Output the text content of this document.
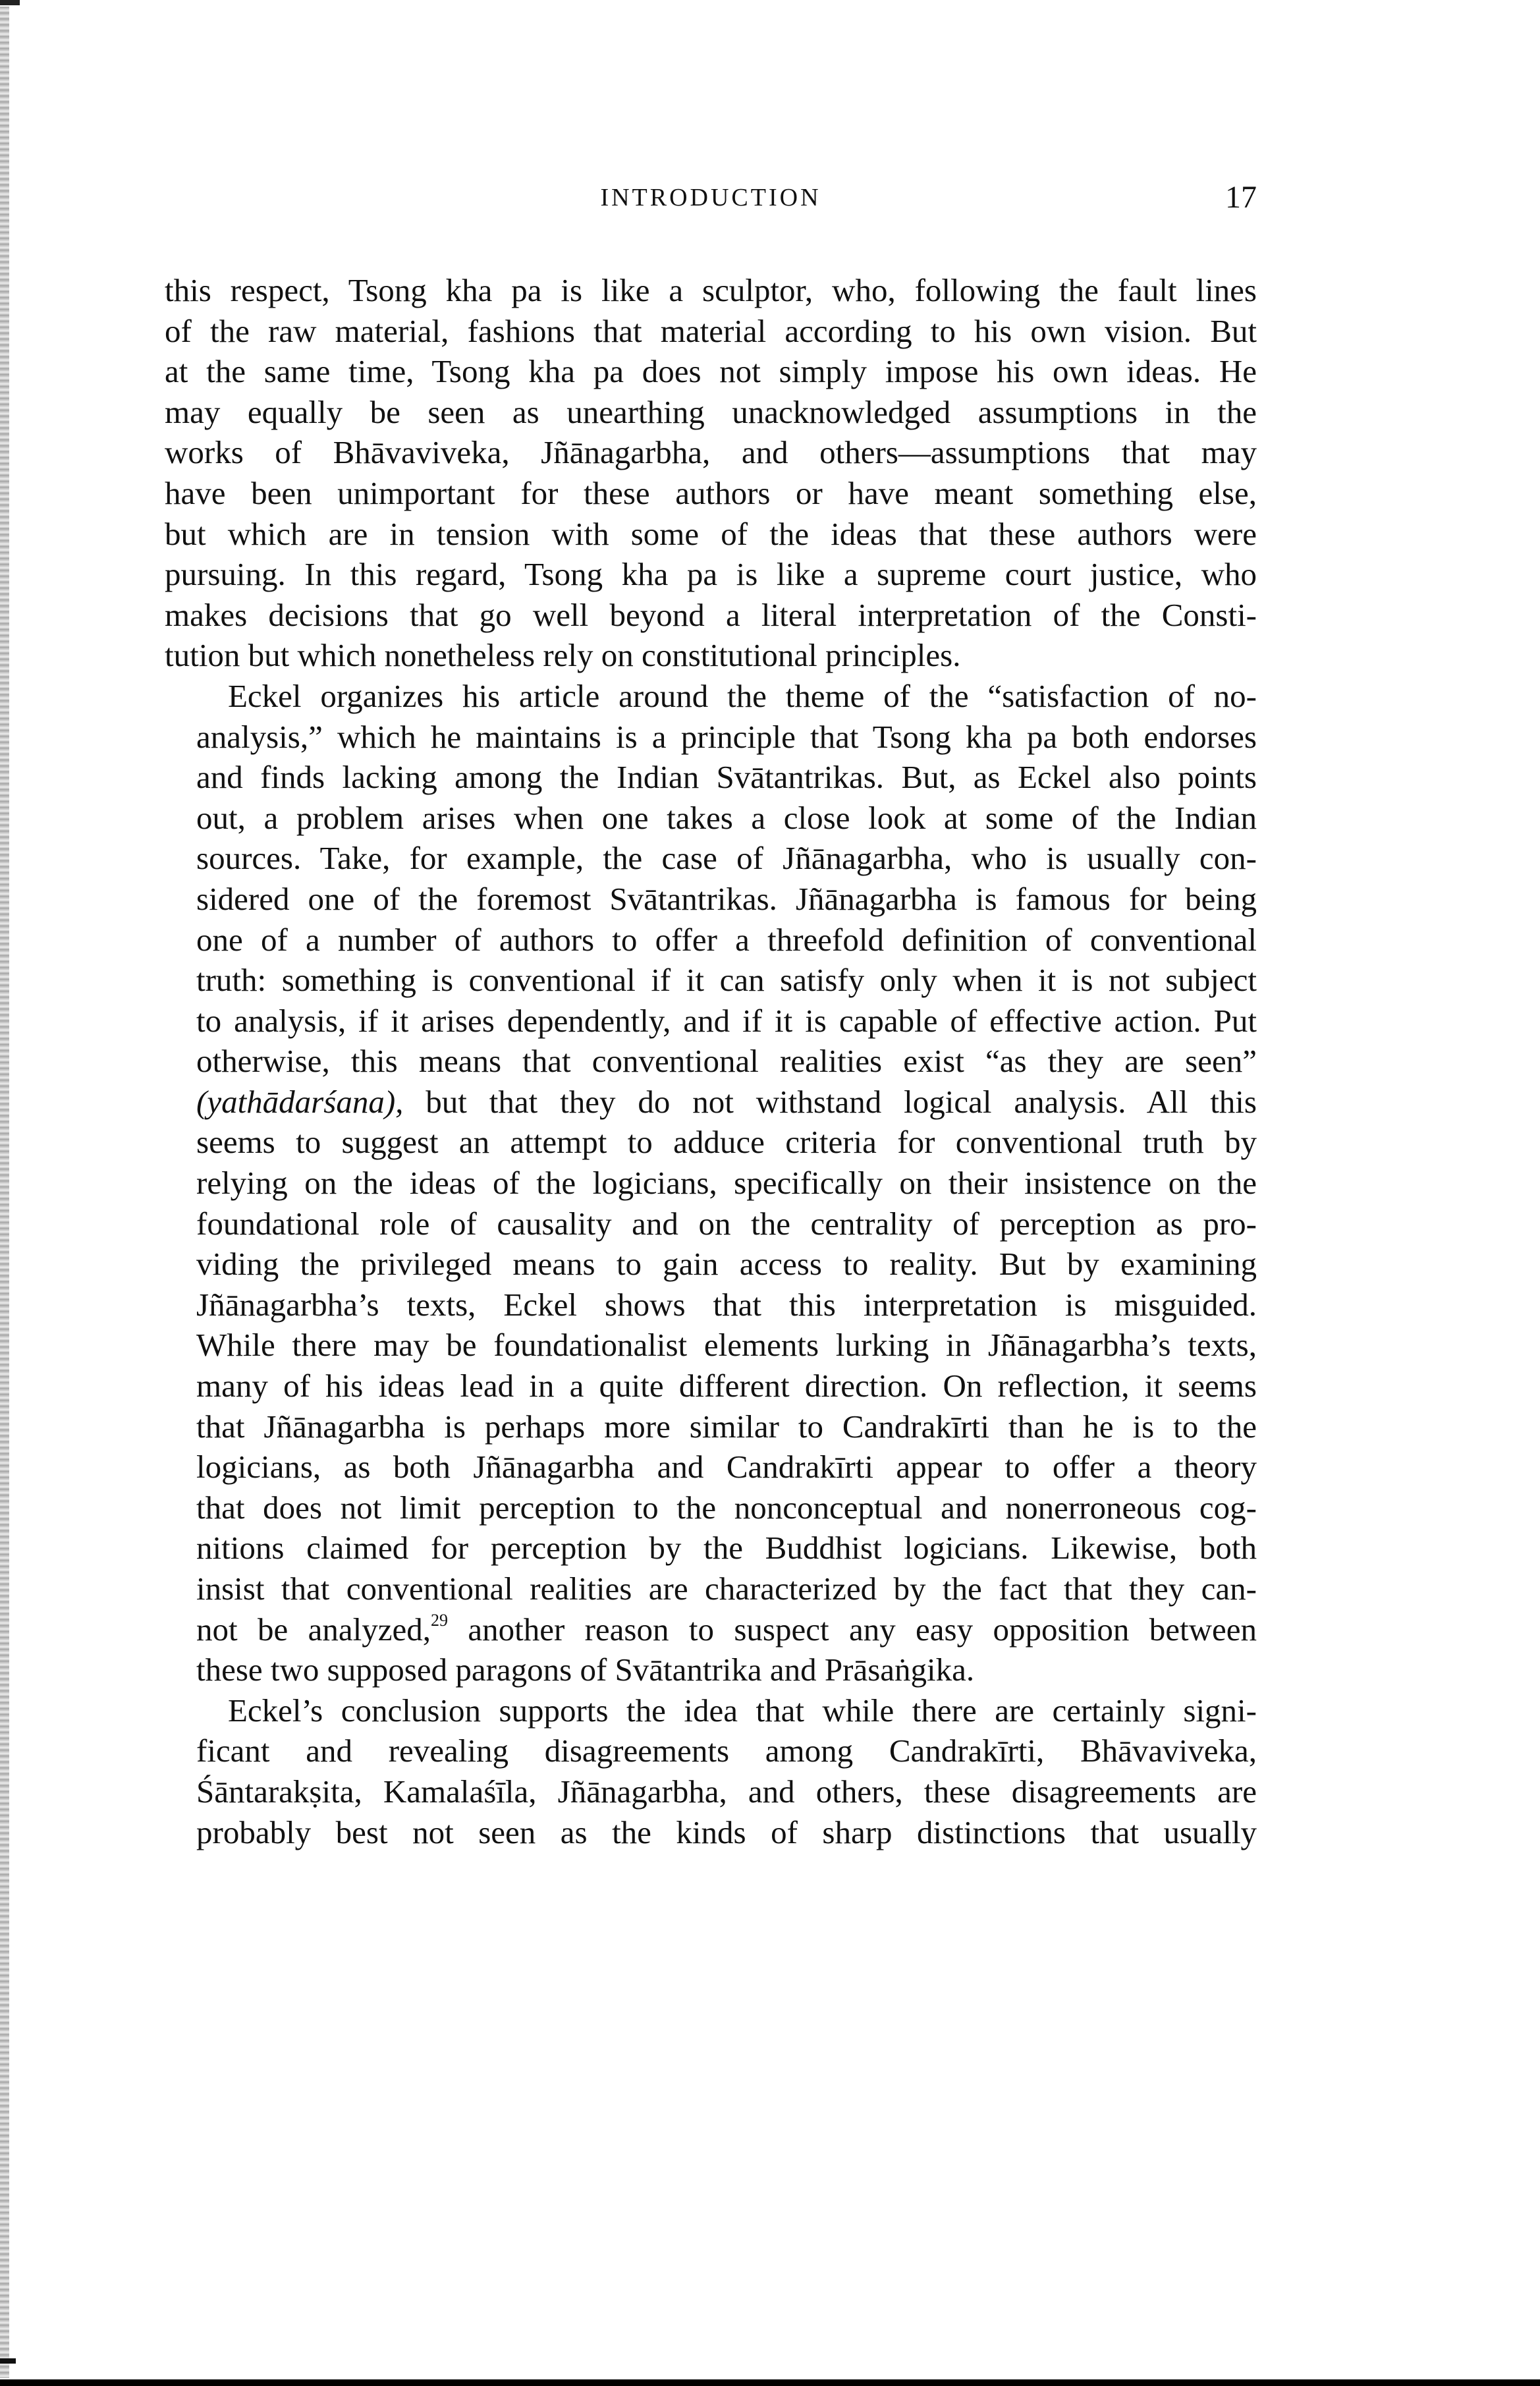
INTRODUCTION	17

this respect, Tsong kha pa is like a sculptor, who, following the fault lines
of the raw material, fashions that material according to his own vision. But
at the same time, Tsong kha pa does not simply impose his own ideas. He
may equally be seen as unearthing unacknowledged assumptions in the
works of Bhāvaviveka, Jñānagarbha, and others—assumptions that may
have been unimportant for these authors or have meant something else,
but which are in tension with some of the ideas that these authors were
pursuing. In this regard, Tsong kha pa is like a supreme court justice, who
makes decisions that go well beyond a literal interpretation of the Consti-
tution but which nonetheless rely on constitutional principles.

Eckel organizes his article around the theme of the “satisfaction of no-
analysis,” which he maintains is a principle that Tsong kha pa both endorses
and finds lacking among the Indian Svātantrikas. But, as Eckel also points
out, a problem arises when one takes a close look at some of the Indian
sources. Take, for example, the case of Jñānagarbha, who is usually con-
sidered one of the foremost Svātantrikas. Jñānagarbha is famous for being
one of a number of authors to offer a threefold definition of conventional
truth: something is conventional if it can satisfy only when it is not subject
to analysis, if it arises dependently, and if it is capable of effective action. Put
otherwise, this means that conventional realities exist “as they are seen”
(yathādarśana), but that they do not withstand logical analysis. All this
seems to suggest an attempt to adduce criteria for conventional truth by
relying on the ideas of the logicians, specifically on their insistence on the
foundational role of causality and on the centrality of perception as pro-
viding the privileged means to gain access to reality. But by examining
Jñānagarbha’s texts, Eckel shows that this interpretation is misguided.
While there may be foundationalist elements lurking in Jñānagarbha’s texts,
many of his ideas lead in a quite different direction. On reflection, it seems
that Jñānagarbha is perhaps more similar to Candrakīrti than he is to the
logicians, as both Jñānagarbha and Candrakīrti appear to offer a theory
that does not limit perception to the nonconceptual and nonerroneous cog-
nitions claimed for perception by the Buddhist logicians. Likewise, both
insist that conventional realities are characterized by the fact that they can-
not be analyzed,$^{29}$ another reason to suspect any easy opposition between
these two supposed paragons of Svātantrika and Prāsaṅgika.

Eckel’s conclusion supports the idea that while there are certainly signi-
ficant and revealing disagreements among Candrakīrti, Bhāvaviveka,
Śāntarakṣita, Kamalaśīla, Jñānagarbha, and others, these disagreements are
probably best not seen as the kinds of sharp distinctions that usually
